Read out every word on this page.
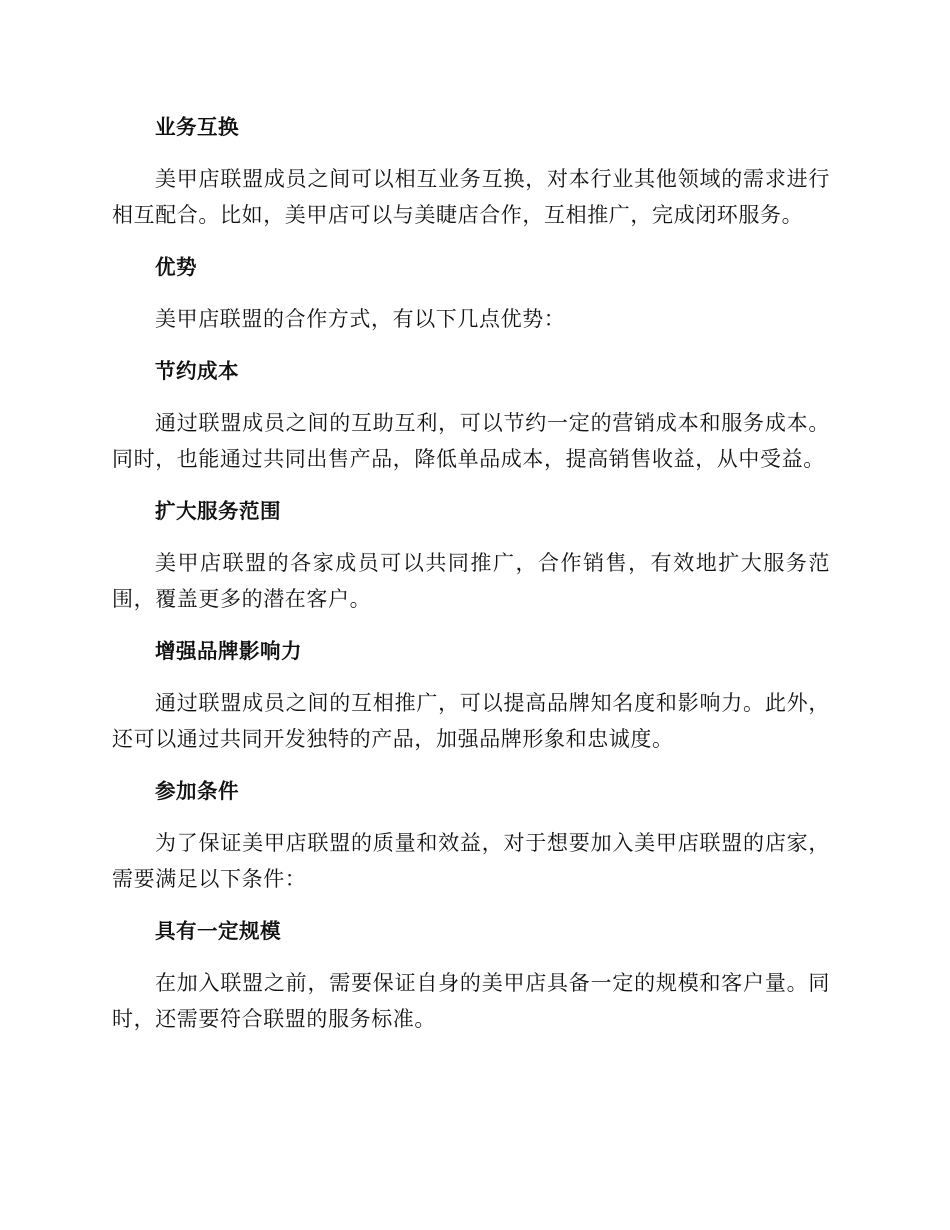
业务互换
美甲店联盟成员之间可以相互业务互换，对本行业其他领域的需求进行相互配合。比如，美甲店可以与美睫店合作，互相推广，完成闭环服务。
优势
美甲店联盟的合作方式，有以下几点优势：
节约成本
通过联盟成员之间的互助互利，可以节约一定的营销成本和服务成本。同时，也能通过共同出售产品，降低单品成本，提高销售收益，从中受益。
扩大服务范围
美甲店联盟的各家成员可以共同推广，合作销售，有效地扩大服务范围，覆盖更多的潜在客户。
增强品牌影响力
通过联盟成员之间的互相推广，可以提高品牌知名度和影响力。此外，还可以通过共同开发独特的产品，加强品牌形象和忠诚度。
参加条件
为了保证美甲店联盟的质量和效益，对于想要加入美甲店联盟的店家，需要满足以下条件：
具有一定规模
在加入联盟之前，需要保证自身的美甲店具备一定的规模和客户量。同时，还需要符合联盟的服务标准。
